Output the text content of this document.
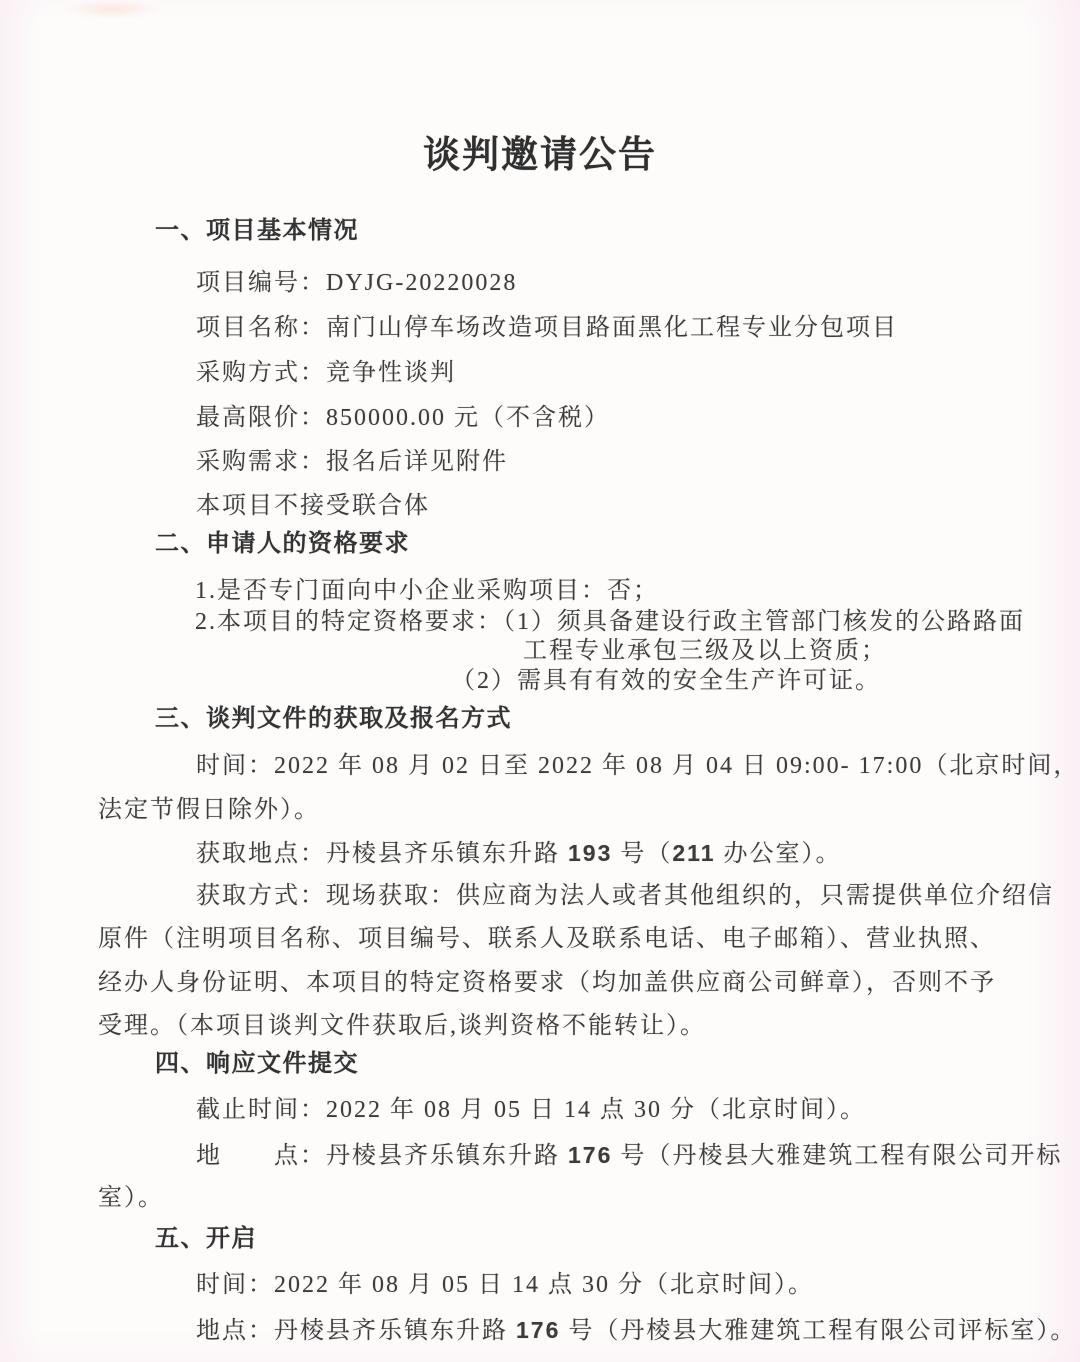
谈判邀请公告
一、项目基本情况
项目编号：DYJG-20220028
项目名称：南门山停车场改造项目路面黑化工程专业分包项目
采购方式：竞争性谈判
最高限价：850000.00 元（不含税）
采购需求：报名后详见附件
本项目不接受联合体
二、申请人的资格要求
1.是否专门面向中小企业采购项目：否；
2.本项目的特定资格要求：（1）须具备建设行政主管部门核发的公路路面
工程专业承包三级及以上资质；
（2）需具有有效的安全生产许可证。
三、谈判文件的获取及报名方式
时间：2022 年 08 月 02 日至 2022 年 08 月 04 日 09:00- 17:00（北京时间，
法定节假日除外）。
获取地点：丹棱县齐乐镇东升路 193 号（211 办公室）。
获取方式：现场获取：供应商为法人或者其他组织的，只需提供单位介绍信
原件（注明项目名称、项目编号、联系人及联系电话、电子邮箱）、营业执照、
经办人身份证明、本项目的特定资格要求（均加盖供应商公司鲜章），否则不予
受理。（本项目谈判文件获取后,谈判资格不能转让）。
四、响应文件提交
截止时间：2022 年 08 月 05 日 14 点 30 分（北京时间）。
地　　点：丹棱县齐乐镇东升路 176 号（丹棱县大雅建筑工程有限公司开标
室）。
五、开启
时间：2022 年 08 月 05 日 14 点 30 分（北京时间）。
地点：丹棱县齐乐镇东升路 176 号（丹棱县大雅建筑工程有限公司评标室）。
